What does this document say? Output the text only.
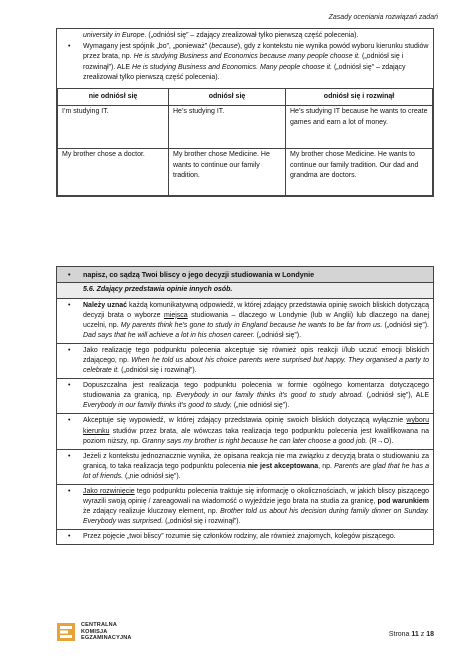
Zasady oceniania rozwiązań zadań
university in Europe. („odniósł się” – zdający zrealizował tylko pierwszą część polecenia).
• Wymagany jest spójnik „bo”, „ponieważ” (because), gdy z kontekstu nie wynika powód wyboru kierunku studiów przez brata, np. He is studying Business and Economics because many people choose it. („odniósł się i rozwinął”). ALE He is studying Business and Economics. Many people choose it. („odniósł się” – zdający zrealizował tylko pierwszą część polecenia).
nie odniósł się	odniósł się	odniósł się i rozwinął
I’m studying IT.	He’s studying IT.	He’s studying IT because he wants to create games and earn a lot of money.
My brother chose a doctor.	My brother chose Medicine. He wants to continue our family tradition.	My brother chose Medicine. He wants to continue our family tradition. Our dad and grandma are doctors.
• napisz, co sądzą Twoi bliscy o jego decyzji studiowania w Londynie
5.6. Zdający przedstawia opinie innych osób.
• Należy uznać każdą komunikatywną odpowiedź, w której zdający przedstawia opinię swoich bliskich dotyczącą decyzji brata o wyborze miejsca studiowania – dlaczego w Londynie (lub w Anglii) lub dlaczego na danej uczelni, np. My parents think he’s gone to study in England because he wants to be far from us. („odniósł się”). Dad says that he will achieve a lot in his chosen career. („odniósł się”).
• Jako realizację tego podpunktu polecenia akceptuje się również opis reakcji i/lub uczuć emocji bliskich zdającego, np. When he told us about his choice parents were surprised but happy. They organised a party to celebrate it. („odniósł się i rozwinął”).
• Dopuszczalna jest realizacja tego podpunktu polecenia w formie ogólnego komentarza dotyczącego studiowania za granicą, np. Everybody in our family thinks it’s good to study abroad. („odniósł się”), ALE Everybody in our family thinks it’s good to study. („nie odniósł się”).
• Akceptuje się wypowiedź, w której zdający przedstawia opinię swoich bliskich dotyczącą wyłącznie wyboru kierunku studiów przez brata, ale wówczas taka realizacja tego podpunktu polecenia jest kwalifikowana na poziom niższy, np. Granny says my brother is right because he can later choose a good job. (R→O).
• Jeżeli z kontekstu jednoznacznie wynika, że opisana reakcja nie ma związku z decyzją brata o studiowaniu za granicą, to taka realizacja tego podpunktu polecenia nie jest akceptowana, np. Parents are glad that he has a lot of friends. („nie odniósł się”).
• Jako rozwinięcie tego podpunktu polecenia traktuje się informację o okolicznościach, w jakich bliscy piszącego wyrazili swoją opinię / zareagowali na wiadomość o wyjeździe jego brata na studia za granicę, pod warunkiem że zdający realizuje kluczowy element, np. Brother told us about his decision during family dinner on Sunday. Everybody was surprised. („odniósł się i rozwinął”).
• Przez pojęcie „twoi bliscy” rozumie się członków rodziny, ale również znajomych, kolegów piszącego.
CENTRALNA
KOMISJA
EGZAMINACYJNA
Strona 11 z 18
